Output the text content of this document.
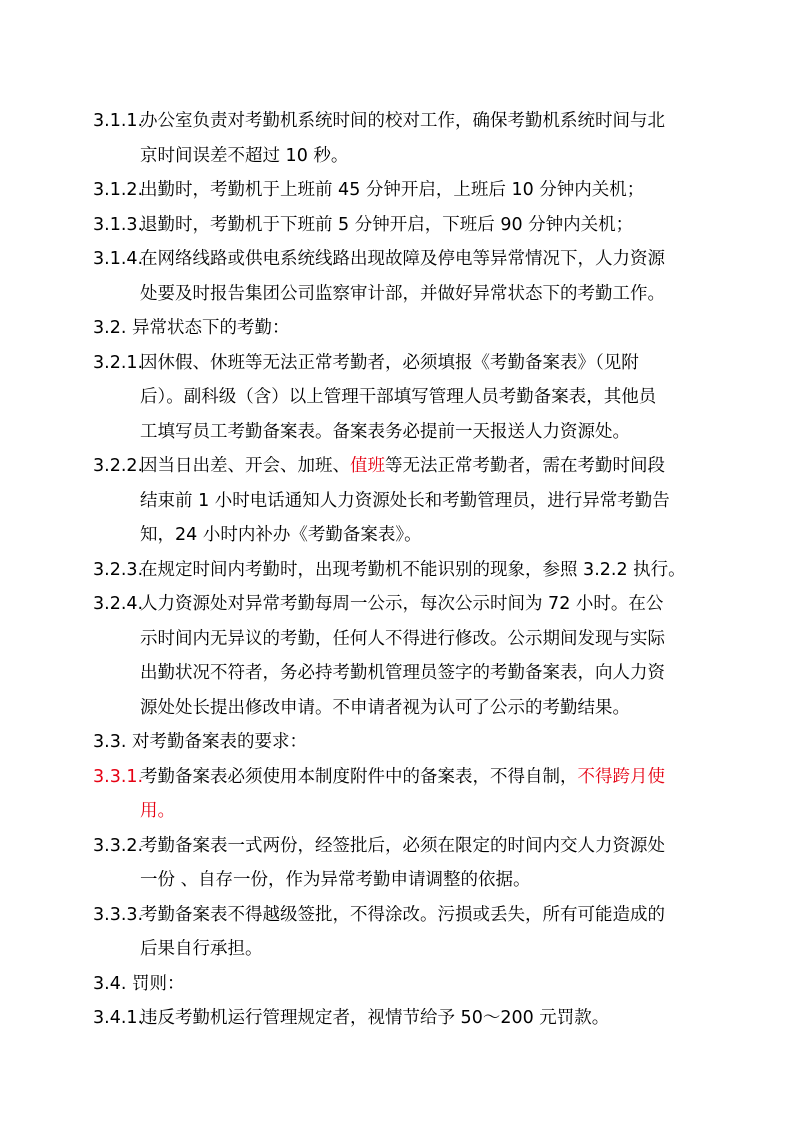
3.1.1.
办公室负责对考勤机系统时间的校对工作，确保考勤机系统时间与北
京时间误差不超过 10 秒。
3.1.2.
出勤时，考勤机于上班前 45 分钟开启，上班后 10 分钟内关机；
3.1.3.
退勤时，考勤机于下班前 5 分钟开启，下班后 90 分钟内关机；
3.1.4.
在网络线路或供电系统线路出现故障及停电等异常情况下，人力资源
处要及时报告集团公司监察审计部，并做好异常状态下的考勤工作。
3.2. 异常状态下的考勤：
3.2.1.
因休假、休班等无法正常考勤者，必须填报《考勤备案表》（见附
后）。副科级（含）以上管理干部填写管理人员考勤备案表，其他员
工填写员工考勤备案表。备案表务必提前一天报送人力资源处。
3.2.2.
因当日出差、开会、加班、值班等无法正常考勤者，需在考勤时间段
结束前 1 小时电话通知人力资源处长和考勤管理员，进行异常考勤告
知，24 小时内补办《考勤备案表》。
3.2.3.
在规定时间内考勤时，出现考勤机不能识别的现象，参照 3.2.2 执行。
3.2.4.
人力资源处对异常考勤每周一公示，每次公示时间为 72 小时。在公
示时间内无异议的考勤，任何人不得进行修改。公示期间发现与实际
出勤状况不符者，务必持考勤机管理员签字的考勤备案表，向人力资
源处处长提出修改申请。不申请者视为认可了公示的考勤结果。
3.3. 对考勤备案表的要求：
3.3.1.
考勤备案表必须使用本制度附件中的备案表，不得自制，不得跨月使
用。
3.3.2.
考勤备案表一式两份，经签批后，必须在限定的时间内交人力资源处
一份 、自存一份，作为异常考勤申请调整的依据。
3.3.3.
考勤备案表不得越级签批，不得涂改。污损或丢失，所有可能造成的
后果自行承担。
3.4. 罚则：
3.4.1.
违反考勤机运行管理规定者，视情节给予 50～200 元罚款。
